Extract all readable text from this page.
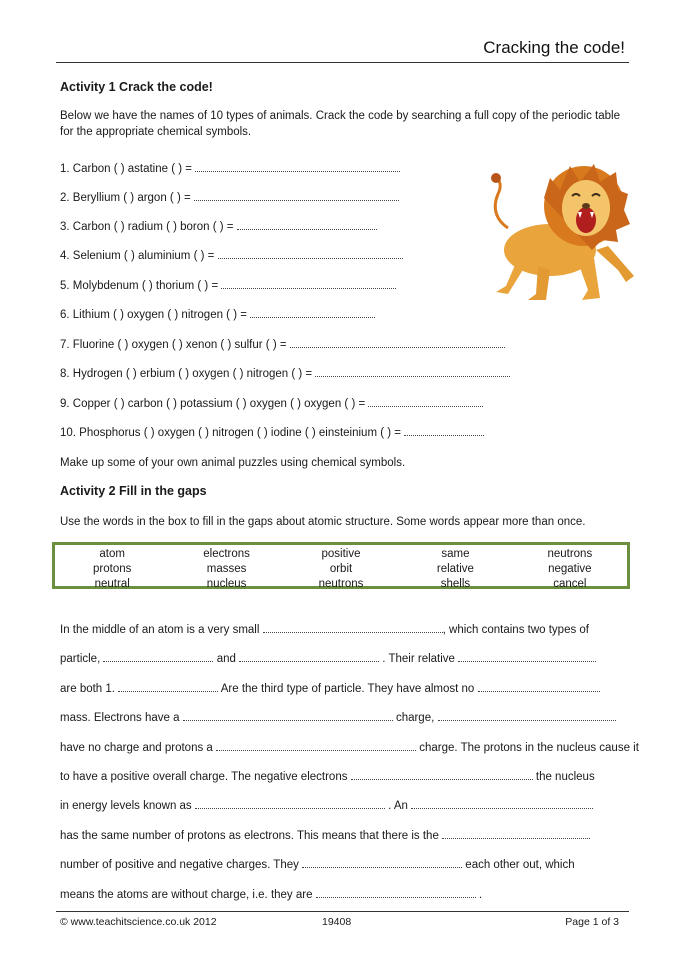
Cracking the code!
Activity 1 Crack the code!
Below we have the names of 10 types of animals. Crack the code by searching a full copy of the periodic table for the appropriate chemical symbols.
1. Carbon ( ) astatine ( ) =
2. Beryllium ( ) argon ( ) =
3. Carbon ( ) radium ( ) boron ( ) =
4. Selenium ( ) aluminium ( ) =
5. Molybdenum ( ) thorium ( ) =
6. Lithium ( ) oxygen ( ) nitrogen ( ) =
7. Fluorine ( ) oxygen ( ) xenon ( ) sulfur ( ) =
8. Hydrogen ( ) erbium ( ) oxygen ( ) nitrogen ( ) =
9. Copper ( ) carbon ( ) potassium ( ) oxygen ( ) oxygen ( ) =
10. Phosphorus ( ) oxygen ( ) nitrogen ( ) iodine ( ) einsteinium ( ) =
Make up some of your own animal puzzles using chemical symbols.
Activity 2 Fill in the gaps
Use the words in the box to fill in the gaps about atomic structure. Some words appear more than once.
atom	electrons	positive	same	neutrons
protons	masses	orbit	relative	negative
neutral	nucleus	neutrons	shells	cancel
In the middle of an atom is a very small	, which contains two types of
particle,	and	. Their relative
are both 1.	Are the third type of particle. They have almost no
mass. Electrons have a	charge,
have no charge and protons a	charge. The protons in the nucleus cause it
to have a positive overall charge. The negative electrons	the nucleus
in energy levels known as	. An
has the same number of protons as electrons. This means that there is the
number of positive and negative charges. They	each other out, which
means the atoms are without charge, i.e. they are	.
© www.teachitscience.co.uk 2012	19408	Page 1 of 3
